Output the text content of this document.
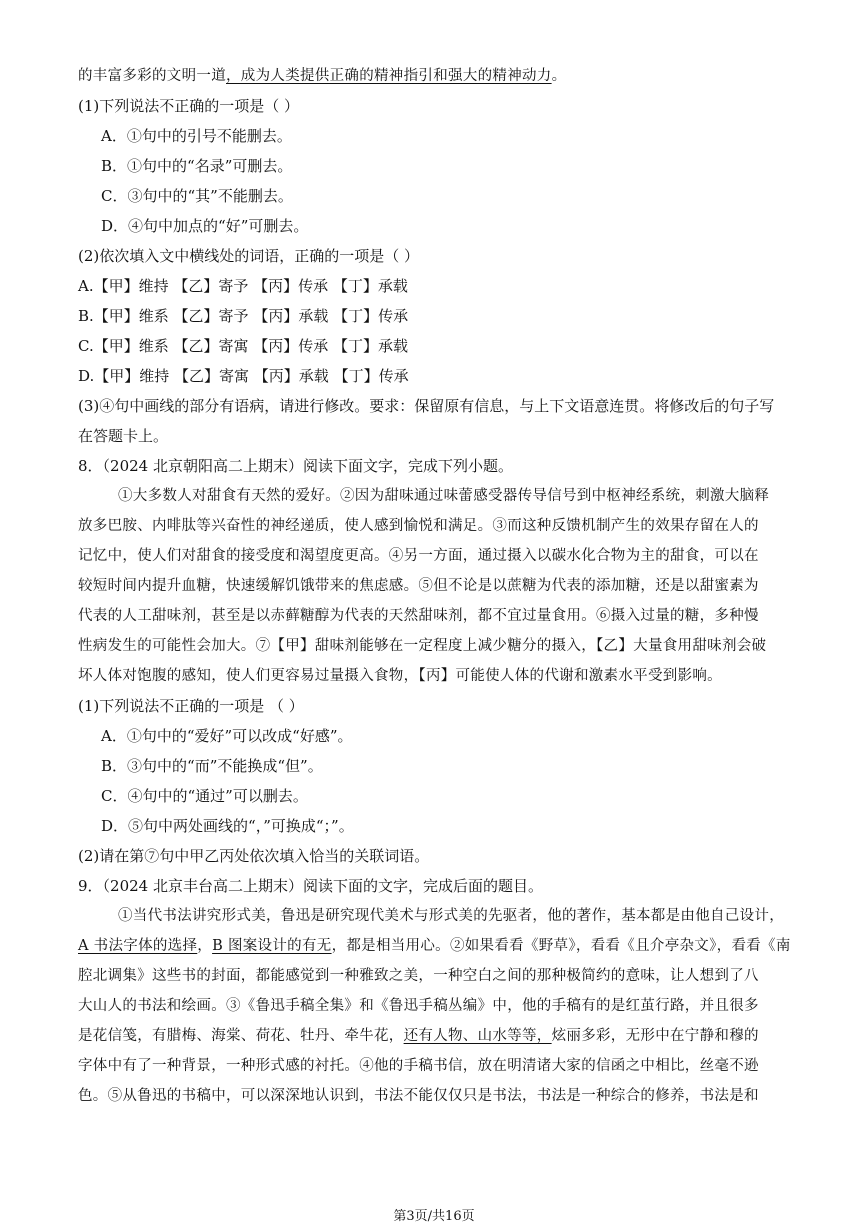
的丰富多彩的文明一道，成为人类提供正确的精神指引和强大的精神动力。
(1)下列说法不正确的一项是（ ）
A．①句中的引号不能删去。
B．①句中的“名录”可删去。
C．③句中的“其”不能删去。
D．④句中加点的“好”可删去。
(2)依次填入文中横线处的词语，正确的一项是（ ）
A.【甲】维持 【乙】寄予 【丙】传承 【丁】承载
B.【甲】维系 【乙】寄予 【丙】承载 【丁】传承
C.【甲】维系 【乙】寄寓 【丙】传承 【丁】承载
D.【甲】维持 【乙】寄寓 【丙】承载 【丁】传承
(3)④句中画线的部分有语病，请进行修改。要求：保留原有信息，与上下文语意连贯。将修改后的句子写
在答题卡上。
8．（2024 北京朝阳高二上期末）阅读下面文字，完成下列小题。
①大多数人对甜食有天然的爱好。②因为甜味通过味蕾感受器传导信号到中枢神经系统，刺激大脑释
放多巴胺、内啡肽等兴奋性的神经递质，使人感到愉悦和满足。③而这种反馈机制产生的效果存留在人的
记忆中，使人们对甜食的接受度和渴望度更高。④另一方面，通过摄入以碳水化合物为主的甜食，可以在
较短时间内提升血糖，快速缓解饥饿带来的焦虑感。⑤但不论是以蔗糖为代表的添加糖，还是以甜蜜素为
代表的人工甜味剂，甚至是以赤藓糖醇为代表的天然甜味剂，都不宜过量食用。⑥摄入过量的糖，多种慢
性病发生的可能性会加大。⑦【甲】甜味剂能够在一定程度上减少糖分的摄入，【乙】大量食用甜味剂会破
坏人体对饱腹的感知，使人们更容易过量摄入食物，【丙】可能使人体的代谢和激素水平受到影响。
(1)下列说法不正确的一项是 （ ）
A．①句中的“爱好”可以改成“好感”。
B．③句中的“而”不能换成“但”。
C．④句中的“通过”可以删去。
D．⑤句中两处画线的“，”可换成“；”。
(2)请在第⑦句中甲乙丙处依次填入恰当的关联词语。
9．（2024 北京丰台高二上期末）阅读下面的文字，完成后面的题目。
①当代书法讲究形式美，鲁迅是研究现代美术与形式美的先驱者，他的著作，基本都是由他自己设计，
A 书法字体的选择，B 图案设计的有无，都是相当用心。②如果看看《野草》，看看《且介亭杂文》，看看《南
腔北调集》这些书的封面，都能感觉到一种雅致之美，一种空白之间的那种极简约的意味，让人想到了八
大山人的书法和绘画。③《鲁迅手稿全集》和《鲁迅手稿丛编》中，他的手稿有的是红茧行路，并且很多
是花信笺，有腊梅、海棠、荷花、牡丹、牵牛花，还有人物、山水等等，炫丽多彩，无形中在宁静和穆的
字体中有了一种背景，一种形式感的衬托。④他的手稿书信，放在明清诸大家的信函之中相比，丝毫不逊
色。⑤从鲁迅的书稿中，可以深深地认识到，书法不能仅仅只是书法，书法是一种综合的修养，书法是和
第3页/共16页
